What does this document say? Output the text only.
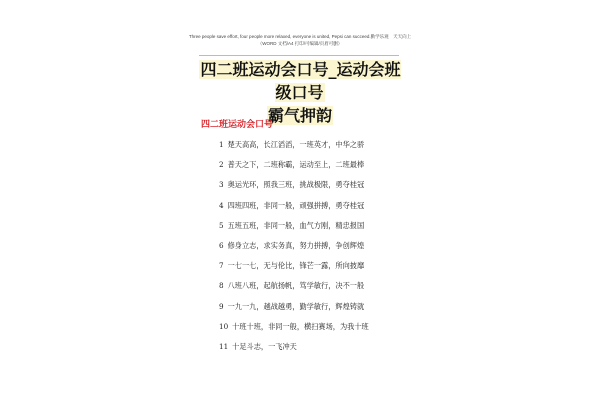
Three people save effort, four people more relaxed, everyone is united, Pepsi can succeed.勤学乐观　天天向上
（WORD 文档/A4 打印/可编辑/页眉可删）
四二班运动会口号_运动会班级口号
霸气押韵
四二班运动会口号
1 楚天高高，长江滔滔，一班英才，中华之骄
2 普天之下，二班称霸，运动至上，二班最棒
3 奥运光环，照我三班，挑战极限，勇夺桂冠
4 四班四班，非同一般，顽强拼搏，勇夺桂冠
5 五班五班，非同一般，血气方刚，精忠报国
6 修身立志，求实务真，努力拼搏，争创辉煌
7 一七一七，无与伦比，锋芒一露，所向披靡
8 八班八班，起航扬帆，笃学敏行，决不一般
9 一九一九，越战越勇，勤学敏行，辉煌铸就
10 十班十班，非同一般，横扫赛场，为我十班
11 十足斗志，一飞冲天
